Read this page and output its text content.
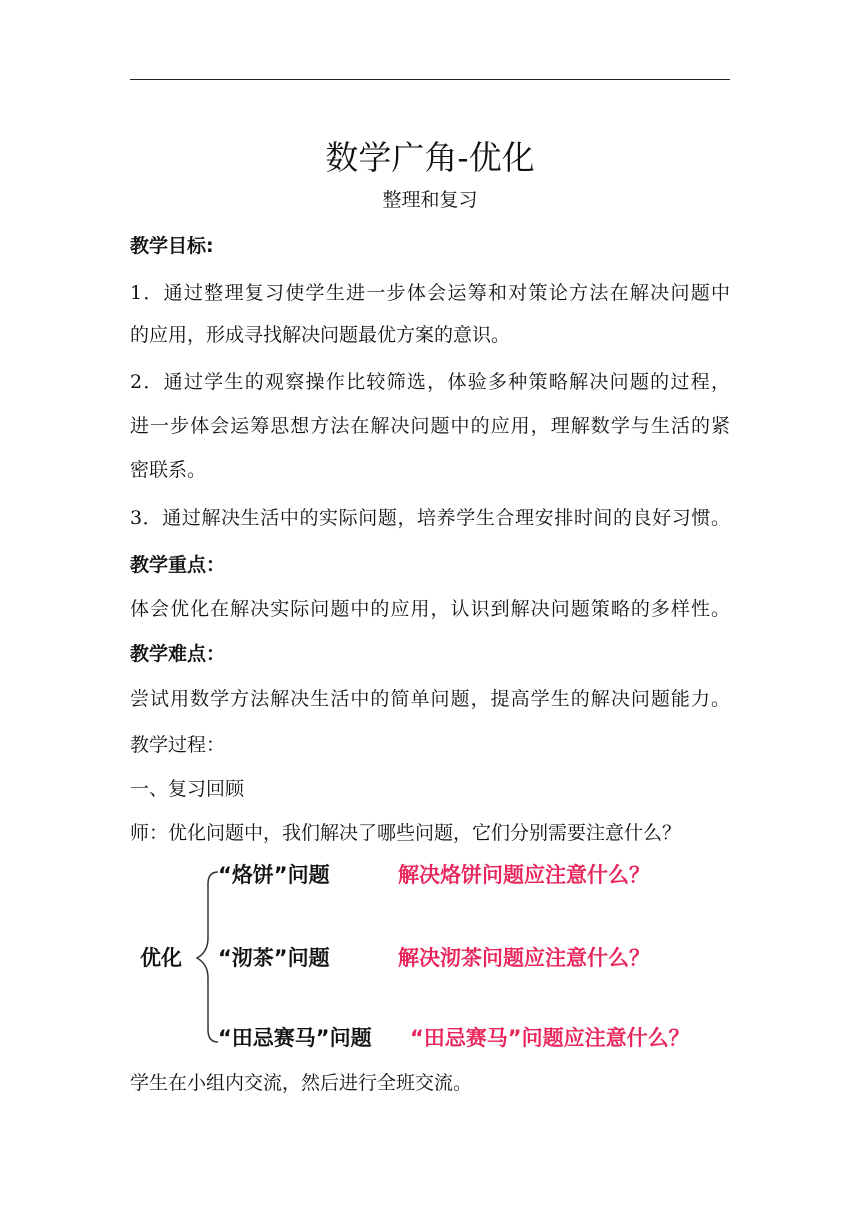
数学广角-优化
整理和复习
教学目标:
1．通过整理复习使学生进一步体会运筹和对策论方法在解决问题中
的应用，形成寻找解决问题最优方案的意识。
2．通过学生的观察操作比较筛选，体验多种策略解决问题的过程，
进一步体会运筹思想方法在解决问题中的应用，理解数学与生活的紧
密联系。
3．通过解决生活中的实际问题，培养学生合理安排时间的良好习惯。
教学重点：
体会优化在解决实际问题中的应用，认识到解决问题策略的多样性。
教学难点：
尝试用数学方法解决生活中的简单问题，提高学生的解决问题能力。
教学过程：
一、复习回顾
师：优化问题中，我们解决了哪些问题，它们分别需要注意什么？
优化
“烙饼”问题	解决烙饼问题应注意什么？
“沏茶”问题	解决沏茶问题应注意什么？
“田忌赛马”问题 “田忌赛马”问题应注意什么？
学生在小组内交流，然后进行全班交流。
